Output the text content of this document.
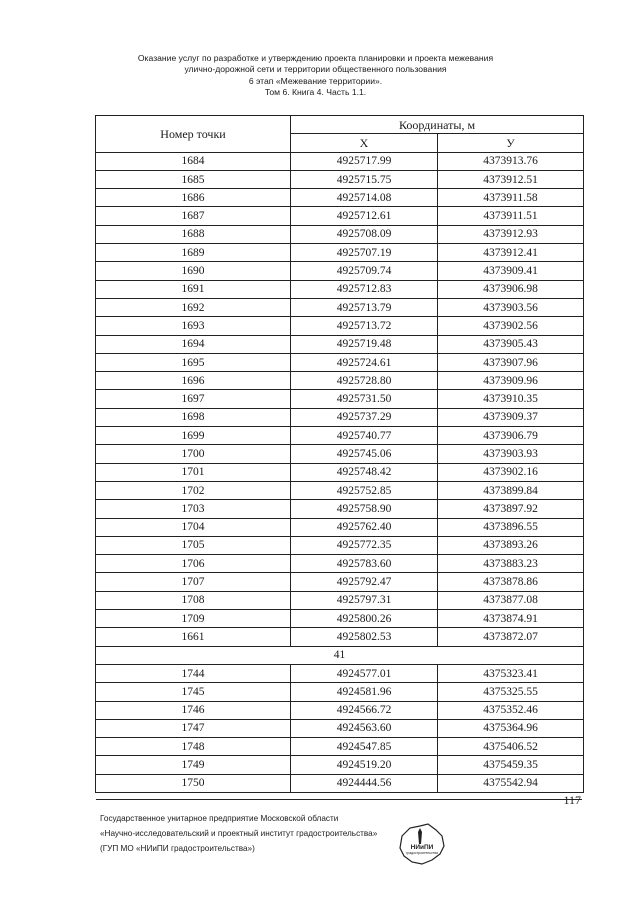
Оказание услуг по разработке и утверждению проекта планировки и проекта межевания
улично-дорожной сети и территории общественного пользования
6 этап «Межевание территории».
Том 6. Книга 4. Часть 1.1.
Номер точки	Координаты, м	
	X	У
1684	4925717.99	4373913.76
1685	4925715.75	4373912.51
1686	4925714.08	4373911.58
1687	4925712.61	4373911.51
1688	4925708.09	4373912.93
1689	4925707.19	4373912.41
1690	4925709.74	4373909.41
1691	4925712.83	4373906.98
1692	4925713.79	4373903.56
1693	4925713.72	4373902.56
1694	4925719.48	4373905.43
1695	4925724.61	4373907.96
1696	4925728.80	4373909.96
1697	4925731.50	4373910.35
1698	4925737.29	4373909.37
1699	4925740.77	4373906.79
1700	4925745.06	4373903.93
1701	4925748.42	4373902.16
1702	4925752.85	4373899.84
1703	4925758.90	4373897.92
1704	4925762.40	4373896.55
1705	4925772.35	4373893.26
1706	4925783.60	4373883.23
1707	4925792.47	4373878.86
1708	4925797.31	4373877.08
1709	4925800.26	4373874.91
1661	4925802.53	4373872.07
41		
1744	4924577.01	4375323.41
1745	4924581.96	4375325.55
1746	4924566.72	4375352.46
1747	4924563.60	4375364.96
1748	4924547.85	4375406.52
1749	4924519.20	4375459.35
1750	4924444.56	4375542.94
117
Государственное унитарное предприятие Московской области
«Научно-исследовательский и проектный институт градостроительства»
(ГУП МО «НИиПИ градостроительства»)	НИиПИ
градостроительства
